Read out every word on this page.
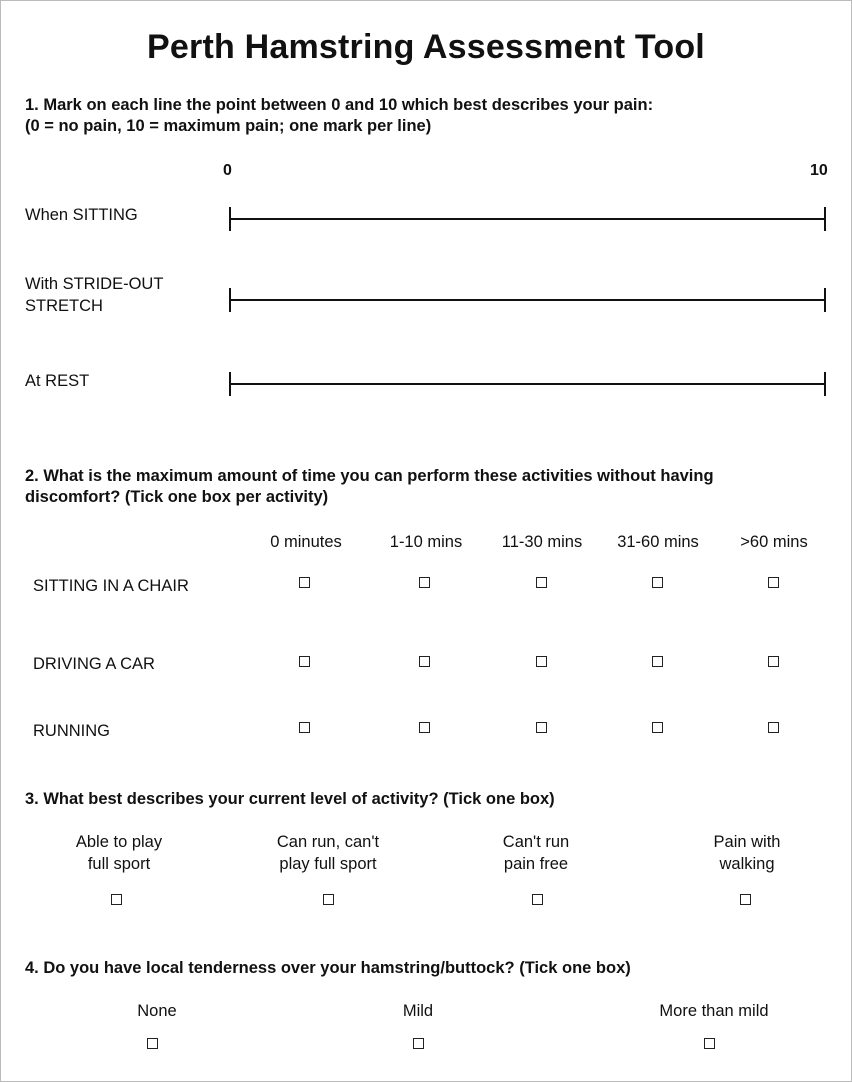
Perth Hamstring Assessment Tool
1. Mark on each line the point between 0 and 10 which best describes your pain:
(0 = no pain, 10 = maximum pain; one mark per line)
0	10
When SITTING
With STRIDE-OUT
STRETCH
At REST
2. What is the maximum amount of time you can perform these activities without having
discomfort? (Tick one box per activity)
0 minutes	1-10 mins	11-30 mins	31-60 mins	>60 mins
SITTING IN A CHAIR
DRIVING A CAR
RUNNING
3. What best describes your current level of activity? (Tick one box)
Able to play
full sport
Can run, can't
play full sport
Can't run
pain free
Pain with
walking
4. Do you have local tenderness over your hamstring/buttock? (Tick one box)
None	Mild	More than mild
